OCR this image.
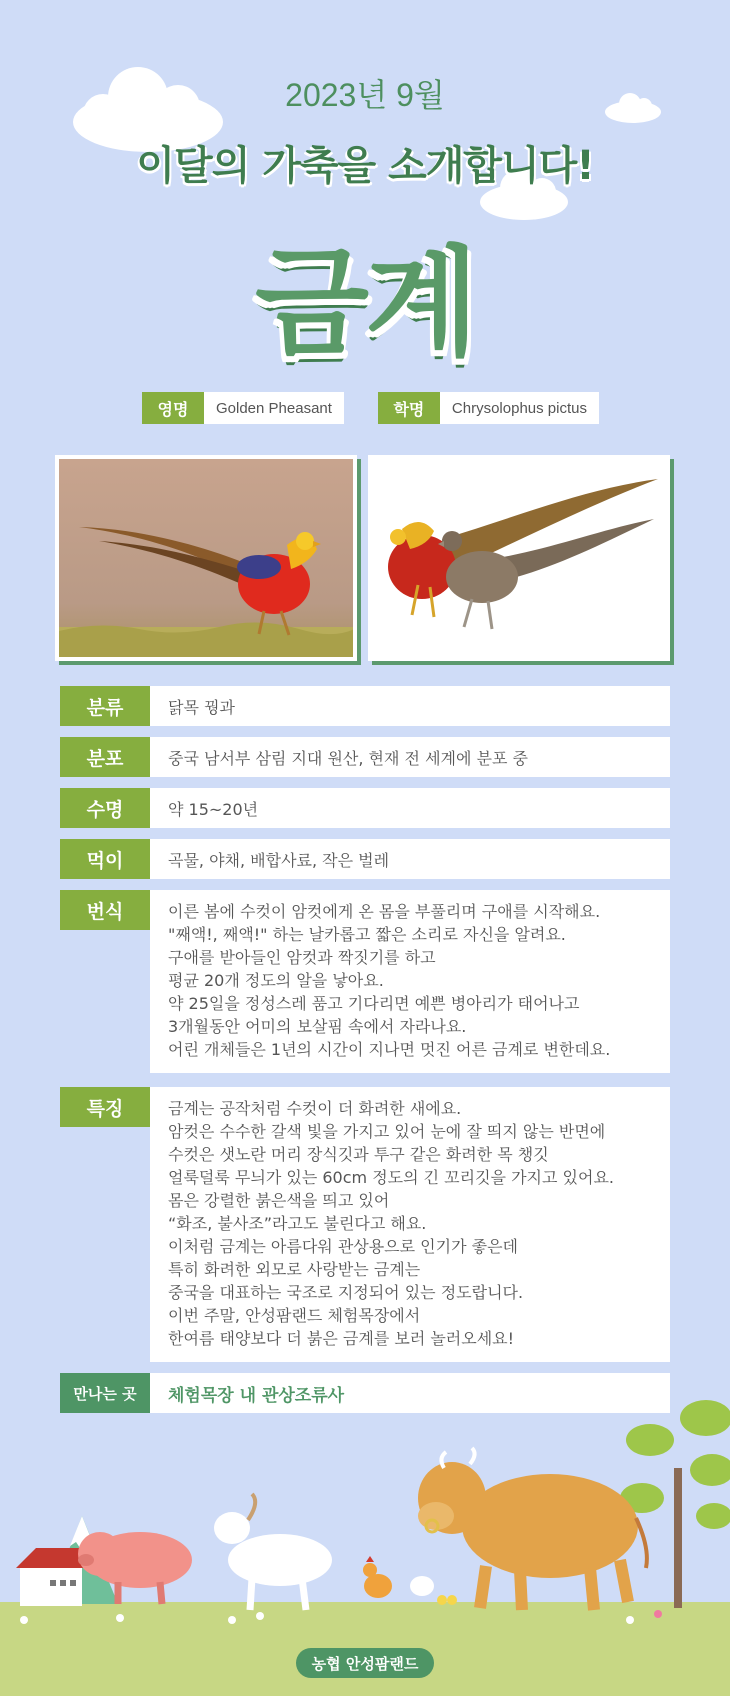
2023년 9월
이달의 가축을 소개합니다!
금계
영명	Golden Pheasant	학명	Chrysolophus pictus
분류	닭목 꿩과
분포	중국 남서부 삼림 지대 원산, 현재 전 세계에 분포 중
수명	약 15~20년
먹이	곡물, 야채, 배합사료, 작은 벌레
번식	이른 봄에 수컷이 암컷에게 온 몸을 부풀리며 구애를 시작해요.
"째액!, 째액!" 하는 날카롭고 짧은 소리로 자신을 알려요.
구애를 받아들인 암컷과 짝짓기를 하고
평균 20개 정도의 알을 낳아요.
약 25일을 정성스레 품고 기다리면 예쁜 병아리가 태어나고
3개월동안 어미의 보살핌 속에서 자라나요.
어린 개체들은 1년의 시간이 지나면 멋진 어른 금계로 변한데요.
특징	금계는 공작처럼 수컷이 더 화려한 새에요.
암컷은 수수한 갈색 빛을 가지고 있어 눈에 잘 띄지 않는 반면에
수컷은 샛노란 머리 장식깃과 투구 같은 화려한 목 챙깃
얼룩덜룩 무늬가 있는 60cm 정도의 긴 꼬리깃을 가지고 있어요.
몸은 강렬한 붉은색을 띄고 있어
“화조, 불사조”라고도 불린다고 해요.
이처럼 금계는 아름다워 관상용으로 인기가 좋은데
특히 화려한 외모로 사랑받는 금계는
중국을 대표하는 국조로 지정되어 있는 정도랍니다.
이번 주말, 안성팜랜드 체험목장에서
한여름 태양보다 더 붉은 금계를 보러 놀러오세요!
만나는 곳	체험목장 내 관상조류사
농협 안성팜랜드
